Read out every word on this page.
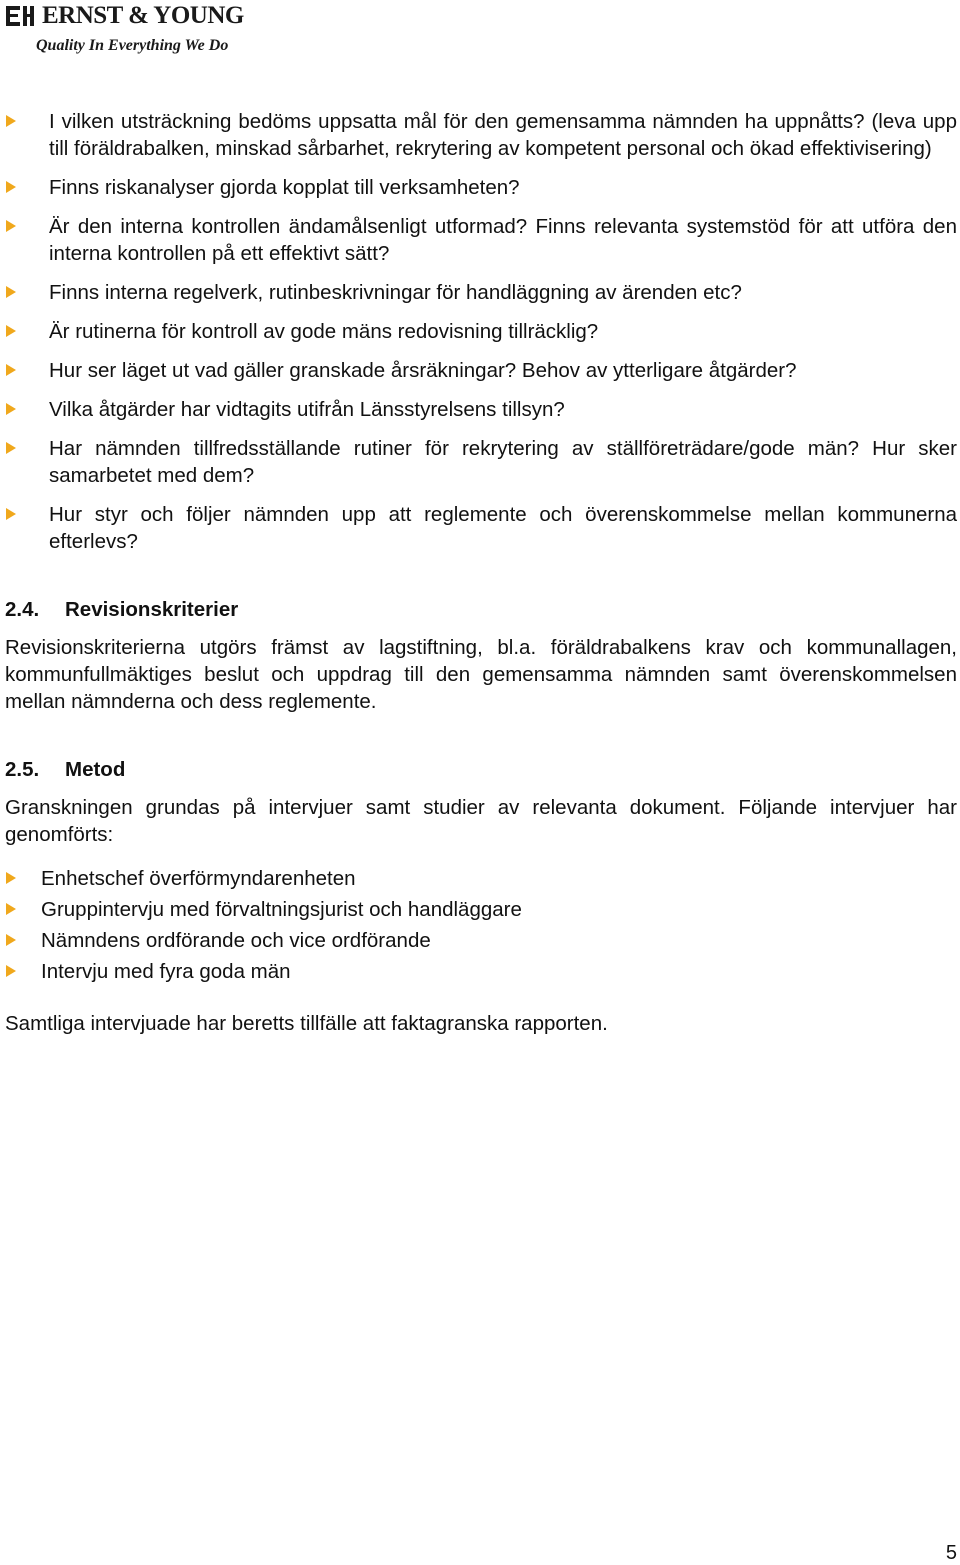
ERNST & YOUNG
Quality In Everything We Do
I vilken utsträckning bedöms uppsatta mål för den gemensamma nämnden ha uppnåtts? (leva upp till föräldrabalken, minskad sårbarhet, rekrytering av kompetent personal och ökad effektivisering)
Finns riskanalyser gjorda kopplat till verksamheten?
Är den interna kontrollen ändamålsenligt utformad? Finns relevanta systemstöd för att utföra den interna kontrollen på ett effektivt sätt?
Finns interna regelverk, rutinbeskrivningar för handläggning av ärenden etc?
Är rutinerna för kontroll av gode mäns redovisning tillräcklig?
Hur ser läget ut vad gäller granskade årsräkningar? Behov av ytterligare åtgärder?
Vilka åtgärder har vidtagits utifrån Länsstyrelsens tillsyn?
Har nämnden tillfredsställande rutiner för rekrytering av ställföreträdare/gode män? Hur sker samarbetet med dem?
Hur styr och följer nämnden upp att reglemente och överenskommelse mellan kommunerna efterlevs?
2.4. Revisionskriterier

Revisionskriterierna utgörs främst av lagstiftning, bl.a. föräldrabalkens krav och kommunallagen, kommunfullmäktiges beslut och uppdrag till den gemensamma nämnden samt överenskommelsen mellan nämnderna och dess reglemente.

2.5. Metod

Granskningen grundas på intervjuer samt studier av relevanta dokument. Följande intervjuer har genomförts:

Enhetschef överförmyndarenheten
Gruppintervju med förvaltningsjurist och handläggare
Nämndens ordförande och vice ordförande
Intervju med fyra goda män

Samtliga intervjuade har beretts tillfälle att faktagranska rapporten.

5
